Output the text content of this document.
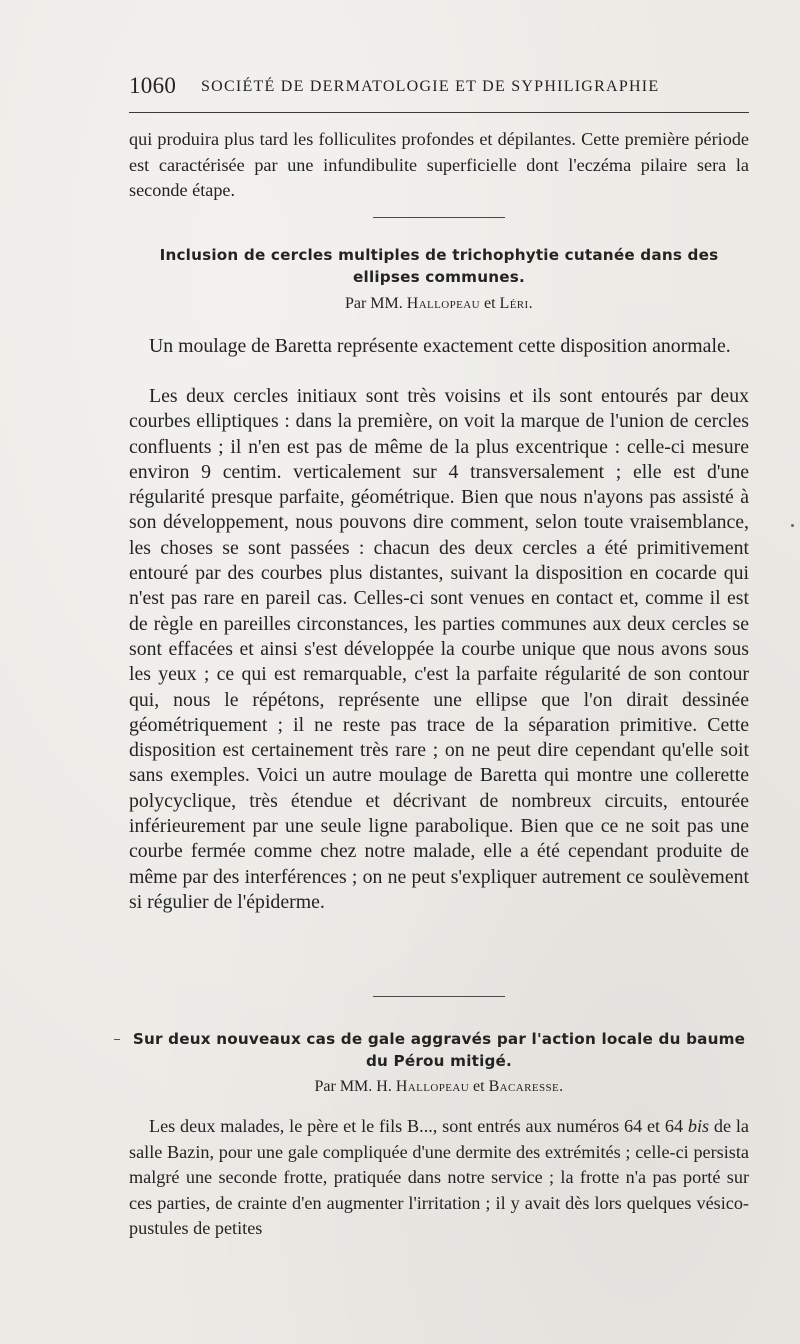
1060 SOCIÉTÉ DE DERMATOLOGIE ET DE SYPHILIGRAPHIE

qui produira plus tard les folliculites profondes et dépilantes. Cette première période est caractérisée par une infundibulite superficielle dont l'eczéma pilaire sera la seconde étape.

Inclusion de cercles multiples de trichophytie cutanée dans des ellipses communes.

Par MM. Hallopeau et Léri.

Un moulage de Baretta représente exactement cette disposition anormale.

Les deux cercles initiaux sont très voisins et ils sont entourés par deux courbes elliptiques : dans la première, on voit la marque de l'union de cercles confluents ; il n'en est pas de même de la plus excentrique : celle-ci mesure environ 9 centim. verticalement sur 4 transversalement ; elle est d'une régularité presque parfaite, géométrique. Bien que nous n'ayons pas assisté à son développement, nous pouvons dire comment, selon toute vraisemblance, les choses se sont passées : chacun des deux cercles a été primitivement entouré par des courbes plus distantes, suivant la disposition en cocarde qui n'est pas rare en pareil cas. Celles-ci sont venues en contact et, comme il est de règle en pareilles circonstances, les parties communes aux deux cercles se sont effacées et ainsi s'est développée la courbe unique que nous avons sous les yeux ; ce qui est remarquable, c'est la parfaite régularité de son contour qui, nous le répétons, représente une ellipse que l'on dirait dessinée géométriquement ; il ne reste pas trace de la séparation primitive. Cette disposition est certainement très rare ; on ne peut dire cependant qu'elle soit sans exemples. Voici un autre moulage de Baretta qui montre une collerette polycyclique, très étendue et décrivant de nombreux circuits, entourée inférieurement par une seule ligne parabolique. Bien que ce ne soit pas une courbe fermée comme chez notre malade, elle a été cependant produite de même par des interférences ; on ne peut s'expliquer autrement ce soulèvement si régulier de l'épiderme.

Sur deux nouveaux cas de gale aggravés par l'action locale du baume du Pérou mitigé.

Par MM. H. Hallopeau et Bacaresse.

Les deux malades, le père et le fils B..., sont entrés aux numéros 64 et 64 bis de la salle Bazin, pour une gale compliquée d'une dermite des extrémités ; celle-ci persista malgré une seconde frotte, pratiquée dans notre service ; la frotte n'a pas porté sur ces parties, de crainte d'en augmenter l'irritation ; il y avait dès lors quelques vésico-pustules de petites
